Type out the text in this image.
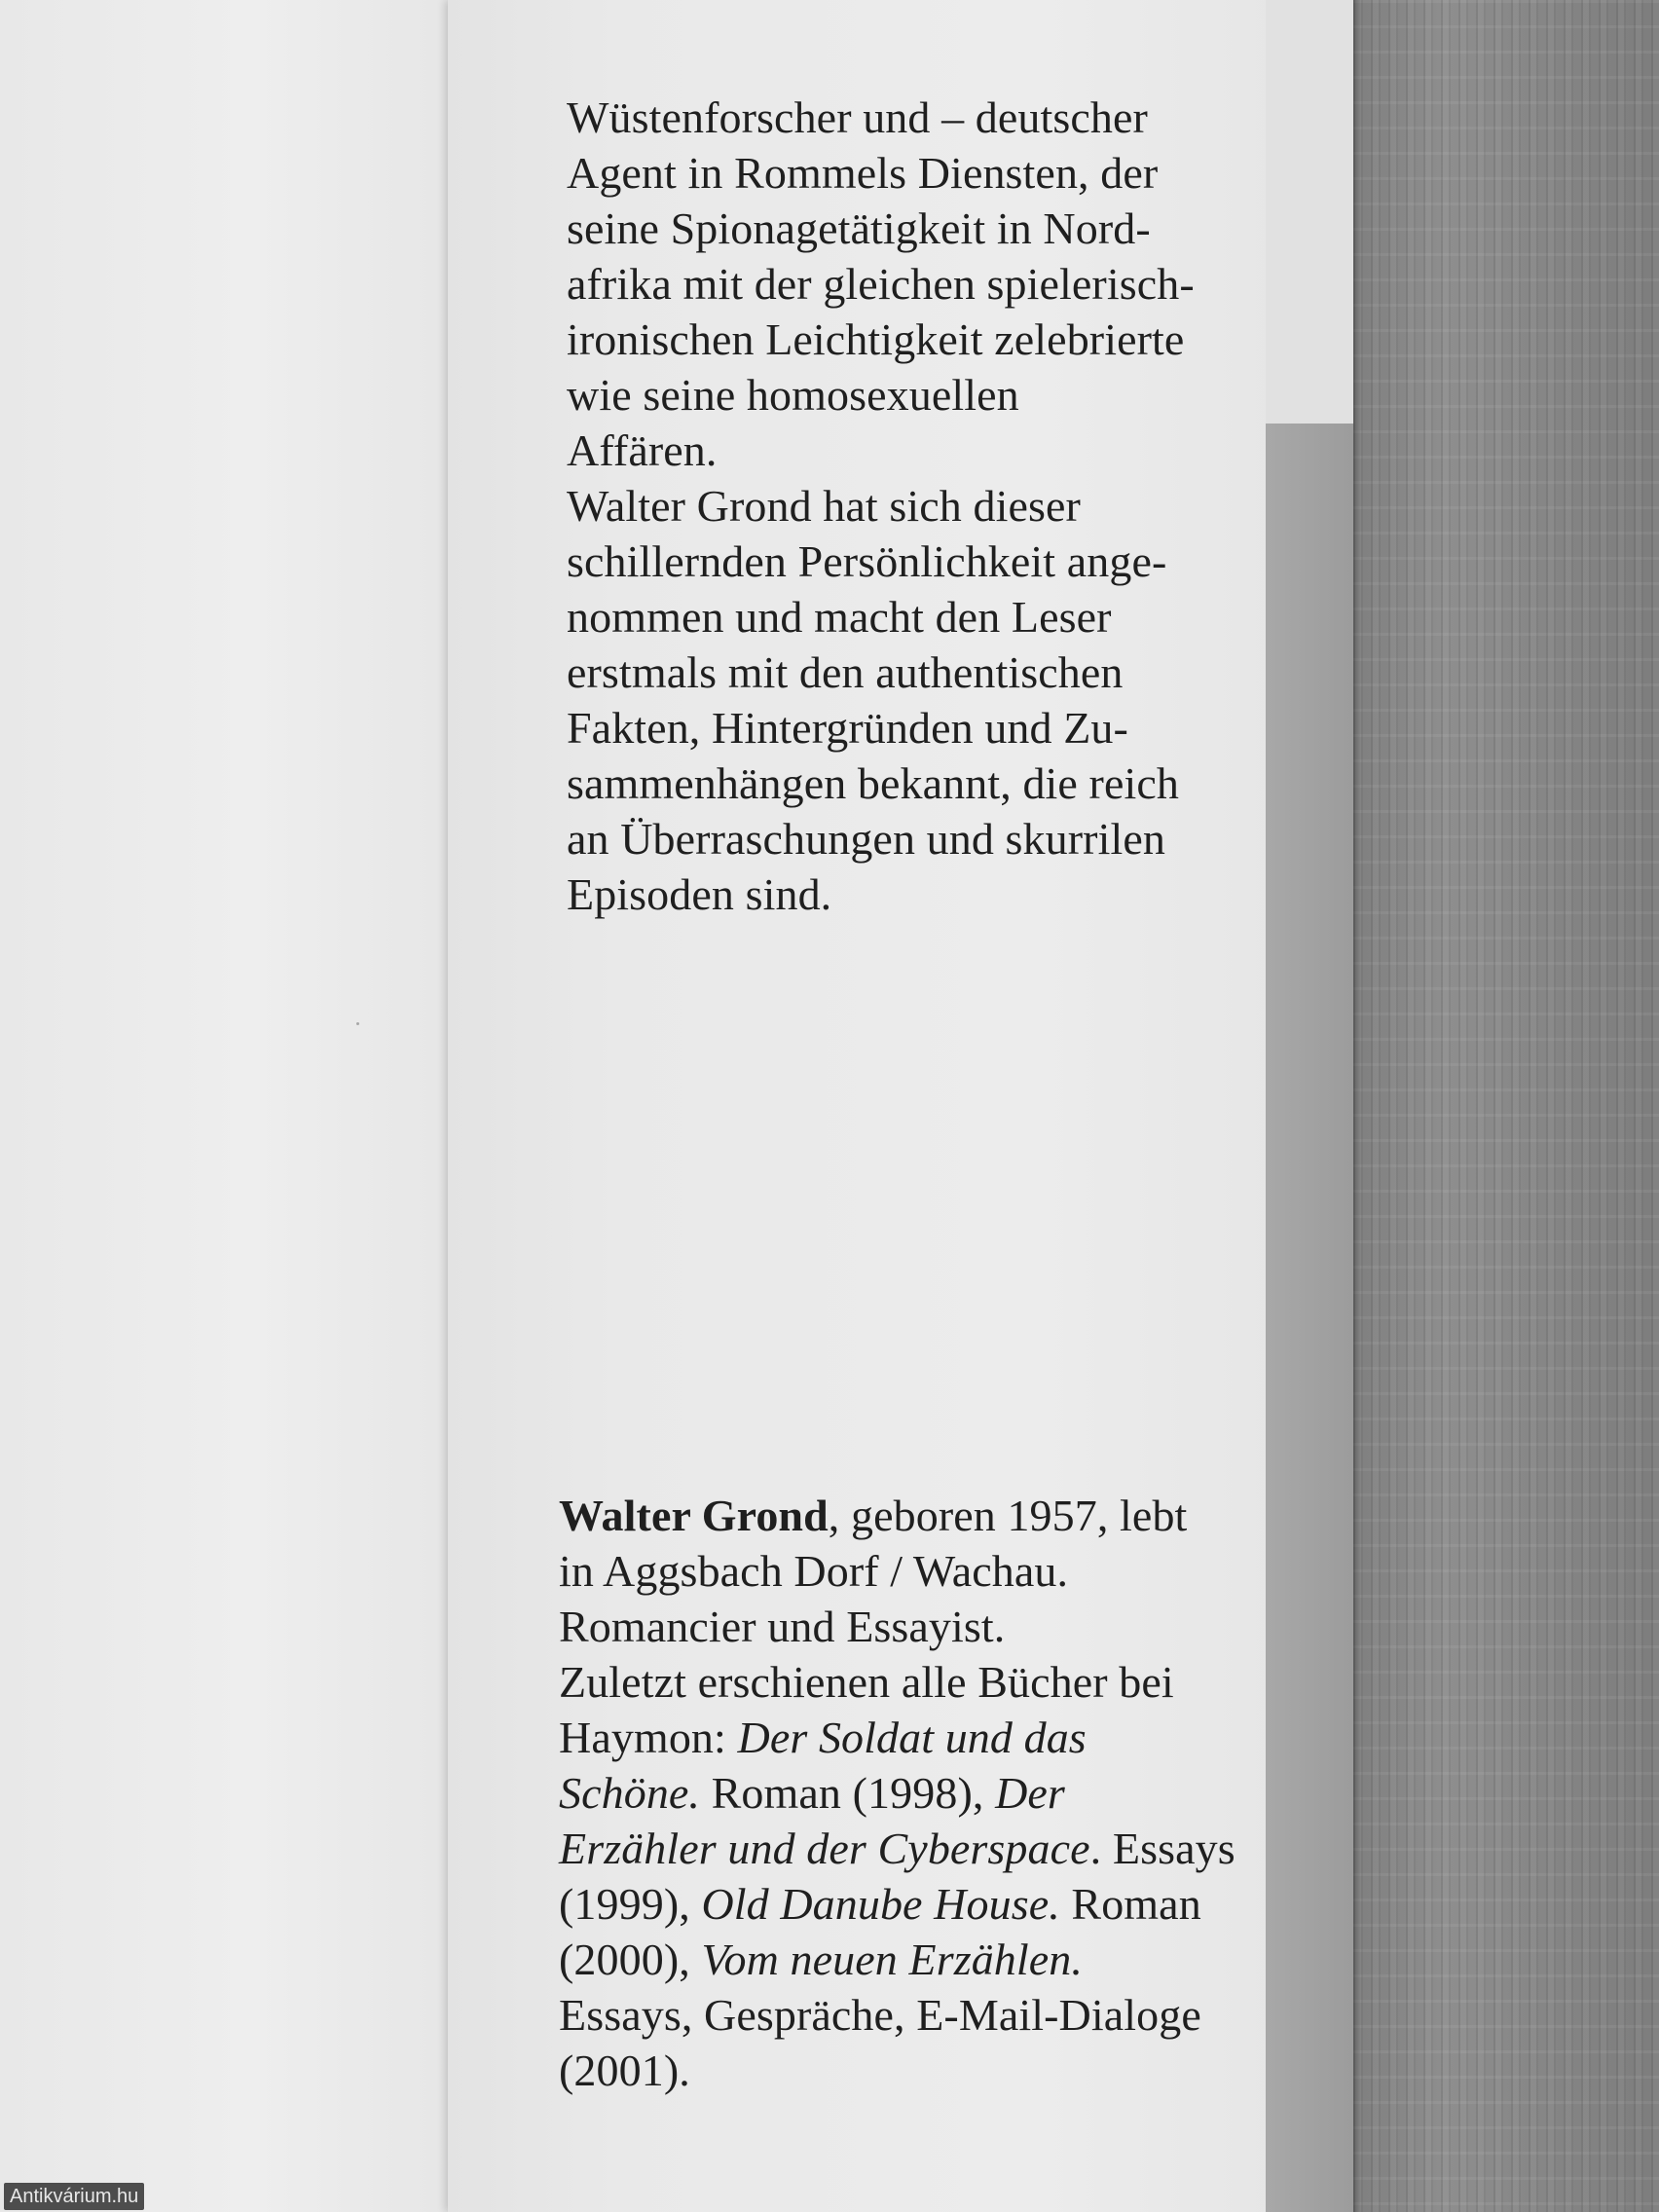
Wüstenforscher und – deutscher
Agent in Rommels Diensten, der
seine Spionagetätigkeit in Nord-
afrika mit der gleichen spielerisch-
ironischen Leichtigkeit zelebrierte
wie seine homosexuellen
Affären.
Walter Grond hat sich dieser
schillernden Persönlichkeit ange-
nommen und macht den Leser
erstmals mit den authentischen
Fakten, Hintergründen und Zu-
sammenhängen bekannt, die reich
an Überraschungen und skurrilen
Episoden sind.
Walter Grond, geboren 1957, lebt
in Aggsbach Dorf / Wachau.
Romancier und Essayist.
Zuletzt erschienen alle Bücher bei
Haymon: Der Soldat und das
Schöne. Roman (1998), Der
Erzähler und der Cyberspace. Essays
(1999), Old Danube House. Roman
(2000), Vom neuen Erzählen.
Essays, Gespräche, E-Mail-Dialoge
(2001).
Antikvárium.hu
